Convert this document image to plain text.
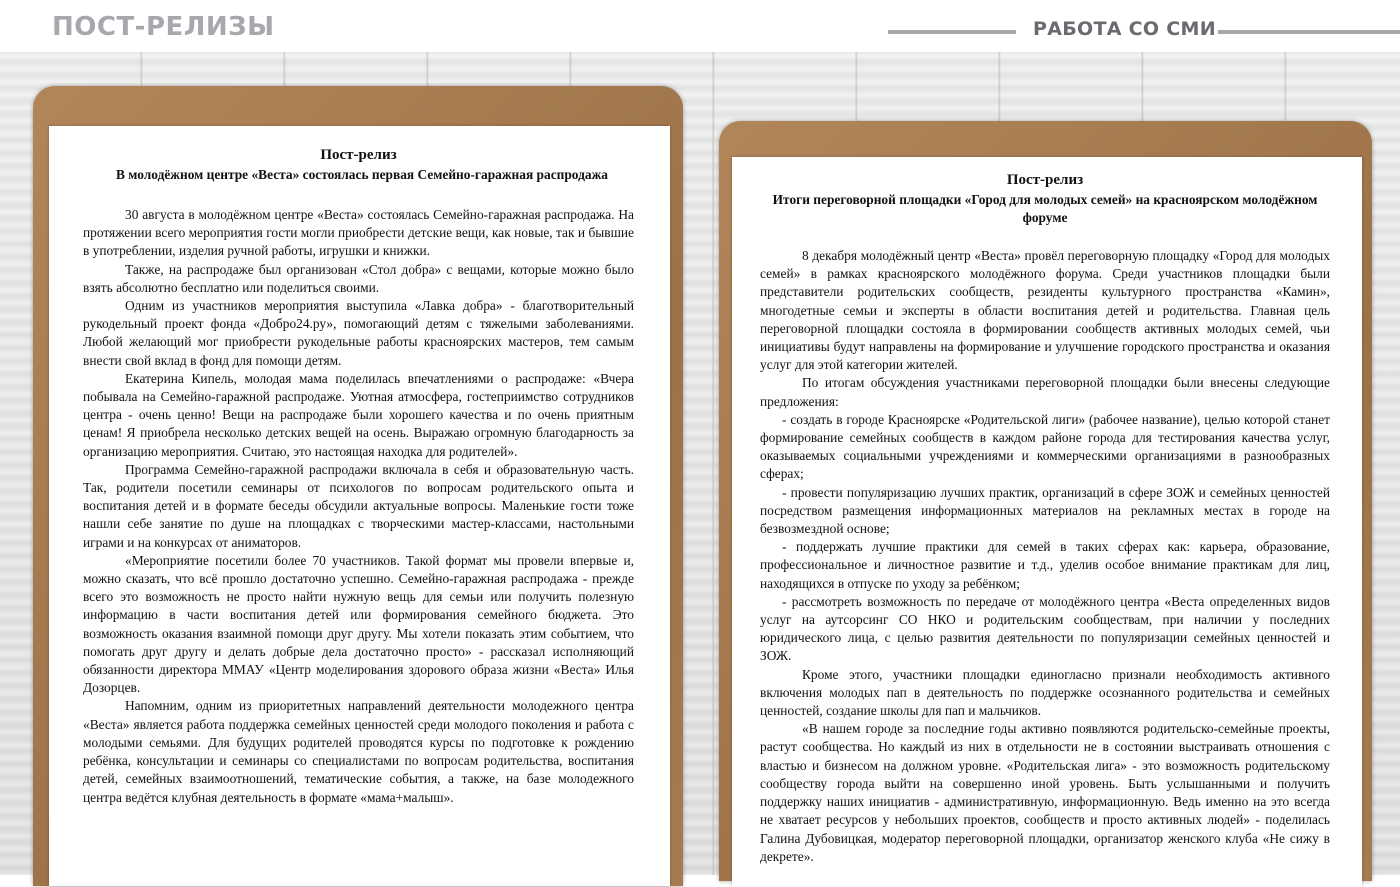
ПОСТ-РЕЛИЗЫ	РАБОТА СО СМИ
Пост-релиз
В молодёжном центре «Веста» состоялась первая Семейно-гаражная распродажа

30 августа в молодёжном центре «Веста» состоялась Семейно-гаражная распродажа. На протяжении всего мероприятия гости могли приобрести детские вещи, как новые, так и бывшие в употреблении, изделия ручной работы, игрушки и книжки.

Также, на распродаже был организован «Стол добра» с вещами, которые можно было взять абсолютно бесплатно или поделиться своими.

Одним из участников мероприятия выступила «Лавка добра» - благотворительный рукодельный проект фонда «Добро24.ру», помогающий детям с тяжелыми заболеваниями. Любой желающий мог приобрести рукодельные работы красноярских мастеров, тем самым внести свой вклад в фонд для помощи детям.

Екатерина Кипель, молодая мама поделилась впечатлениями о распродаже: «Вчера побывала на Семейно-гаражной распродаже. Уютная атмосфера, гостеприимство сотрудников центра - очень ценно! Вещи на распродаже были хорошего качества и по очень приятным ценам! Я приобрела несколько детских вещей на осень. Выражаю огромную благодарность за организацию мероприятия. Считаю, это настоящая находка для родителей».

Программа Семейно-гаражной распродажи включала в себя и образовательную часть. Так, родители посетили семинары от психологов по вопросам родительского опыта и воспитания детей и в формате беседы обсудили актуальные вопросы. Маленькие гости тоже нашли себе занятие по душе на площадках с творческими мастер-классами, настольными играми и на конкурсах от аниматоров.

«Мероприятие посетили более 70 участников. Такой формат мы провели впервые и, можно сказать, что всё прошло достаточно успешно. Семейно-гаражная распродажа - прежде всего это возможность не просто найти нужную вещь для семьи или получить полезную информацию в части воспитания детей или формирования семейного бюджета. Это возможность оказания взаимной помощи друг другу. Мы хотели показать этим событием, что помогать друг другу и делать добрые дела достаточно просто» - рассказал исполняющий обязанности директора ММАУ «Центр моделирования здорового образа жизни «Веста» Илья Дозорцев.

Напомним, одним из приоритетных направлений деятельности молодежного центра «Веста» является работа поддержка семейных ценностей среди молодого поколения и работа с молодыми семьями. Для будущих родителей проводятся курсы по подготовке к рождению ребёнка, консультации и семинары со специалистами по вопросам родительства, воспитания детей, семейных взаимоотношений, тематические события, а также, на базе молодежного центра ведётся клубная деятельность в формате «мама+малыш».

Пост-релиз
Итоги переговорной площадки «Город для молодых семей» на красноярском молодёжном форуме

8 декабря молодёжный центр «Веста» провёл переговорную площадку «Город для молодых семей» в рамках красноярского молодёжного форума. Среди участников площадки были представители родительских сообществ, резиденты культурного пространства «Камин», многодетные семьи и эксперты в области воспитания детей и родительства. Главная цель переговорной площадки состояла в формировании сообществ активных молодых семей, чьи инициативы будут направлены на формирование и улучшение городского пространства и оказания услуг для этой категории жителей.

По итогам обсуждения участниками переговорной площадки были внесены следующие предложения:

- создать в городе Красноярске «Родительской лиги» (рабочее название), целью которой станет формирование семейных сообществ в каждом районе города для тестирования качества услуг, оказываемых социальными учреждениями и коммерческими организациями в разнообразных сферах;

- провести популяризацию лучших практик, организаций в сфере ЗОЖ и семейных ценностей посредством размещения информационных материалов на рекламных местах в городе на безвозмездной основе;

- поддержать лучшие практики для семей в таких сферах как: карьера, образование, профессиональное и личностное развитие и т.д., уделив особое внимание практикам для лиц, находящихся в отпуске по уходу за ребёнком;

- рассмотреть возможность по передаче от молодёжного центра «Веста определенных видов услуг на аутсорсинг СО НКО и родительским сообществам, при наличии у последних юридического лица, с целью развития деятельности по популяризации семейных ценностей и ЗОЖ.

Кроме этого, участники площадки единогласно признали необходимость активного включения молодых пап в деятельность по поддержке осознанного родительства и семейных ценностей, создание школы для пап и мальчиков.

«В нашем городе за последние годы активно появляются родительско-семейные проекты, растут сообщества. Но каждый из них в отдельности не в состоянии выстраивать отношения с властью и бизнесом на должном уровне. «Родительская лига» - это возможность родительскому сообществу города выйти на совершенно иной уровень. Быть услышанными и получить поддержку наших инициатив - административную, информационную. Ведь именно на это всегда не хватает ресурсов у небольших проектов, сообществ и просто активных людей» - поделилась Галина Дубовицкая, модератор переговорной площадки, организатор женского клуба «Не сижу в декрете».
